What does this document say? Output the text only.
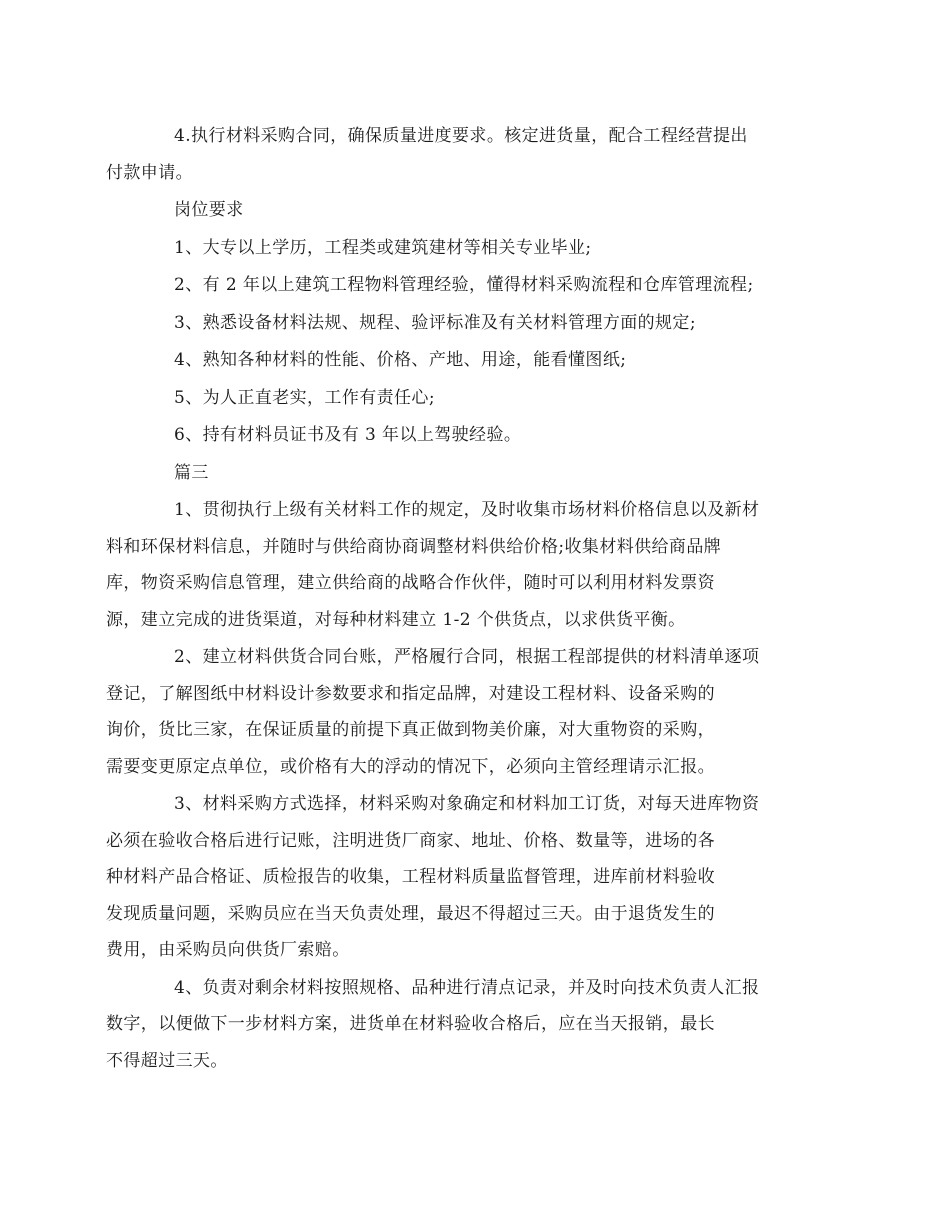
4.执行材料采购合同，确保质量进度要求。核定进货量，配合工程经营提出
付款申请。

岗位要求

1、大专以上学历，工程类或建筑建材等相关专业毕业;

2、有 2 年以上建筑工程物料管理经验，懂得材料采购流程和仓库管理流程;

3、熟悉设备材料法规、规程、验评标准及有关材料管理方面的规定;

4、熟知各种材料的性能、价格、产地、用途，能看懂图纸;

5、为人正直老实，工作有责任心;

6、持有材料员证书及有 3 年以上驾驶经验。

篇三

1、贯彻执行上级有关材料工作的规定，及时收集市场材料价格信息以及新材
料和环保材料信息，并随时与供给商协商调整材料供给价格;收集材料供给商品牌
库，物资采购信息管理，建立供给商的战略合作伙伴，随时可以利用材料发票资
源，建立完成的进货渠道，对每种材料建立 1-2 个供货点，以求供货平衡。

2、建立材料供货合同台账，严格履行合同，根据工程部提供的材料清单逐项
登记，了解图纸中材料设计参数要求和指定品牌，对建设工程材料、设备采购的
询价，货比三家，在保证质量的前提下真正做到物美价廉，对大重物资的采购，
需要变更原定点单位，或价格有大的浮动的情况下，必须向主管经理请示汇报。

3、材料采购方式选择，材料采购对象确定和材料加工订货，对每天进库物资
必须在验收合格后进行记账，注明进货厂商家、地址、价格、数量等，进场的各
种材料产品合格证、质检报告的收集，工程材料质量监督管理，进库前材料验收
发现质量问题，采购员应在当天负责处理，最迟不得超过三天。由于退货发生的
费用，由采购员向供货厂索赔。

4、负责对剩余材料按照规格、品种进行清点记录，并及时向技术负责人汇报
数字，以便做下一步材料方案，进货单在材料验收合格后，应在当天报销，最长
不得超过三天。
